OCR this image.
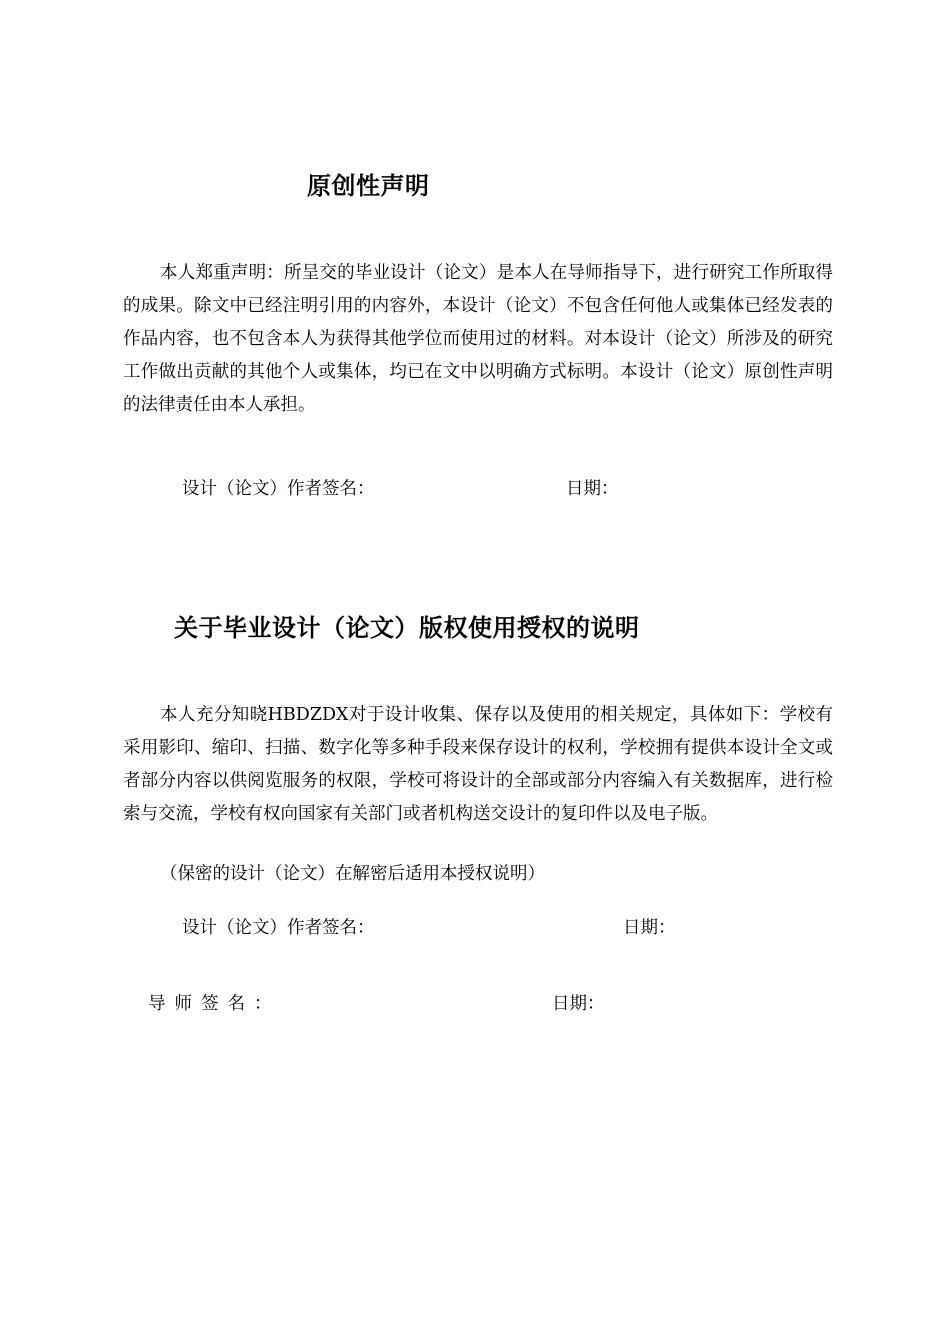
原创性声明
本人郑重声明：所呈交的毕业设计（论文）是本人在导师指导下，进行研究工作所取得的成果。除文中已经注明引用的内容外，本设计（论文）不包含任何他人或集体已经发表的作品内容，也不包含本人为获得其他学位而使用过的材料。对本设计（论文）所涉及的研究工作做出贡献的其他个人或集体，均已在文中以明确方式标明。本设计（论文）原创性声明的法律责任由本人承担。
设计（论文）作者签名：	日期：
关于毕业设计（论文）版权使用授权的说明
本人充分知晓HBDZDX对于设计收集、保存以及使用的相关规定，具体如下：学校有采用影印、缩印、扫描、数字化等多种手段来保存设计的权利，学校拥有提供本设计全文或者部分内容以供阅览服务的权限，学校可将设计的全部或部分内容编入有关数据库，进行检索与交流，学校有权向国家有关部门或者机构送交设计的复印件以及电子版。
（保密的设计（论文）在解密后适用本授权说明）
设计（论文）作者签名：	日期：
导师签名：	日期：
